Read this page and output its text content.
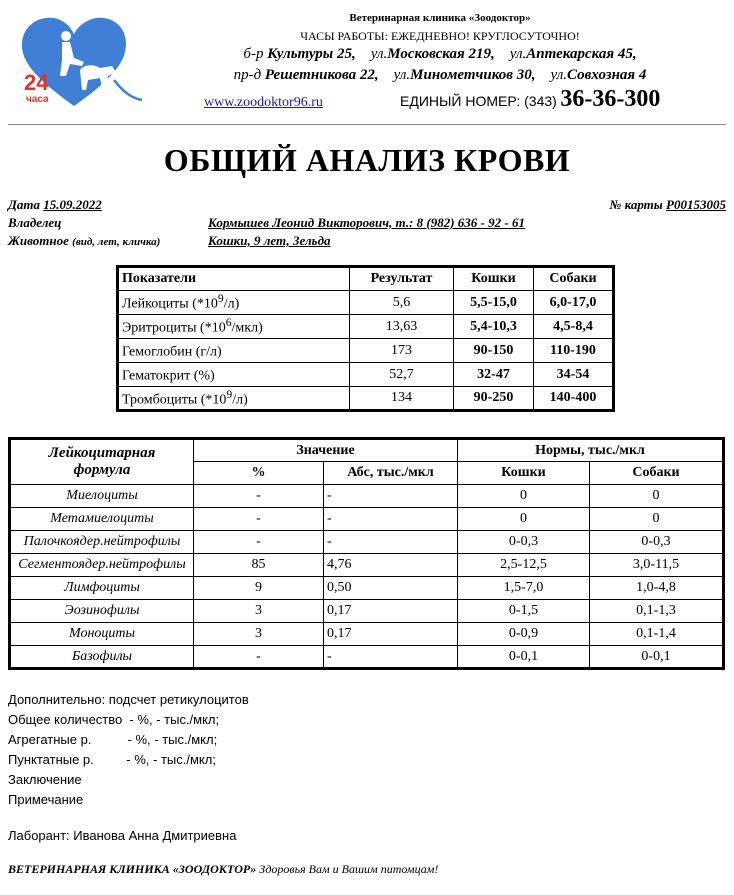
24
часа
Ветеринарная клиника «Зоодоктор»
ЧАСЫ РАБОТЫ: ЕЖЕДНЕВНО! КРУГЛОСУТОЧНО!
б-р Культуры 25, ул.Московская 219, ул.Аптекарская 45,
пр-д Решетникова 22, ул.Минометчиков 30, ул.Совхозная 4
www.zoodoktor96.ru	ЕДИНЫЙ НОМЕР: (343) 36-36-300
ОБЩИЙ АНАЛИЗ КРОВИ
Дата 15.09.2022	№ карты P00153005
Владелец	Кормышев Леонид Викторович, т.: 8 (982) 636 - 92 - 61
Животное (вид, лет, кличка)	Кошки, 9 лет, Зельда
Показатели	Результат	Кошки	Собаки
Лейкоциты $(*10^9/л)$	5,6	5,5-15,0	6,0-17,0
Эритроциты $(*10^6/мкл)$	13,63	5,4-10,3	4,5-8,4
Гемоглобин (г/л)	173	90-150	110-190
Гематокрит (%)	52,7	32-47	34-54
Тромбоциты $(*10^9/л)$	134	90-250	140-400
Лейкоцитарная
формула	Значение		Нормы, тыс./мкл	
	%	Абс, тыс./мкл	Кошки	Собаки
Миелоциты	-	-	0	0
Метамиелоциты	-	-	0	0
Палочкоядер.нейтрофилы	-	-	0-0,3	0-0,3
Сегментоядер.нейтрофилы	85	4,76	2,5-12,5	3,0-11,5
Лимфоциты	9	0,50	1,5-7,0	1,0-4,8
Эозинофилы	3	0,17	0-1,5	0,1-1,3
Моноциты	3	0,17	0-0,9	0,1-1,4
Базофилы	-	-	0-0,1	0-0,1
Дополнительно: подсчет ретикулоцитов
Общее количество  - %, - тыс./мкл;
Агрегатные р.          - %, - тыс./мкл;
Пунктатные р.         - %, - тыс./мкл;
Заключение
Примечание
Лаборант: Иванова Анна Дмитриевна
ВЕТЕРИНАРНАЯ КЛИНИКА «ЗООДОКТОР» Здоровья Вам и Вашим питомцам!
